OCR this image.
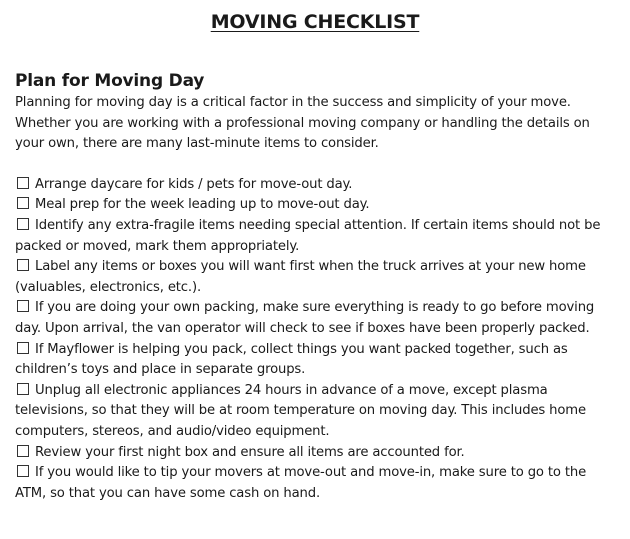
MOVING CHECKLIST
Plan for Moving Day
Planning for moving day is a critical factor in the success and simplicity of your move. Whether you are working with a professional moving company or handling the details on your own, there are many last-minute items to consider.
Arrange daycare for kids / pets for move-out day.
Meal prep for the week leading up to move-out day.
Identify any extra-fragile items needing special attention. If certain items should not be packed or moved, mark them appropriately.
Label any items or boxes you will want first when the truck arrives at your new home (valuables, electronics, etc.).
If you are doing your own packing, make sure everything is ready to go before moving day. Upon arrival, the van operator will check to see if boxes have been properly packed.
If Mayflower is helping you pack, collect things you want packed together, such as children’s toys and place in separate groups.
Unplug all electronic appliances 24 hours in advance of a move, except plasma televisions, so that they will be at room temperature on moving day. This includes home computers, stereos, and audio/video equipment.
Review your first night box and ensure all items are accounted for.
If you would like to tip your movers at move-out and move-in, make sure to go to the ATM, so that you can have some cash on hand.
